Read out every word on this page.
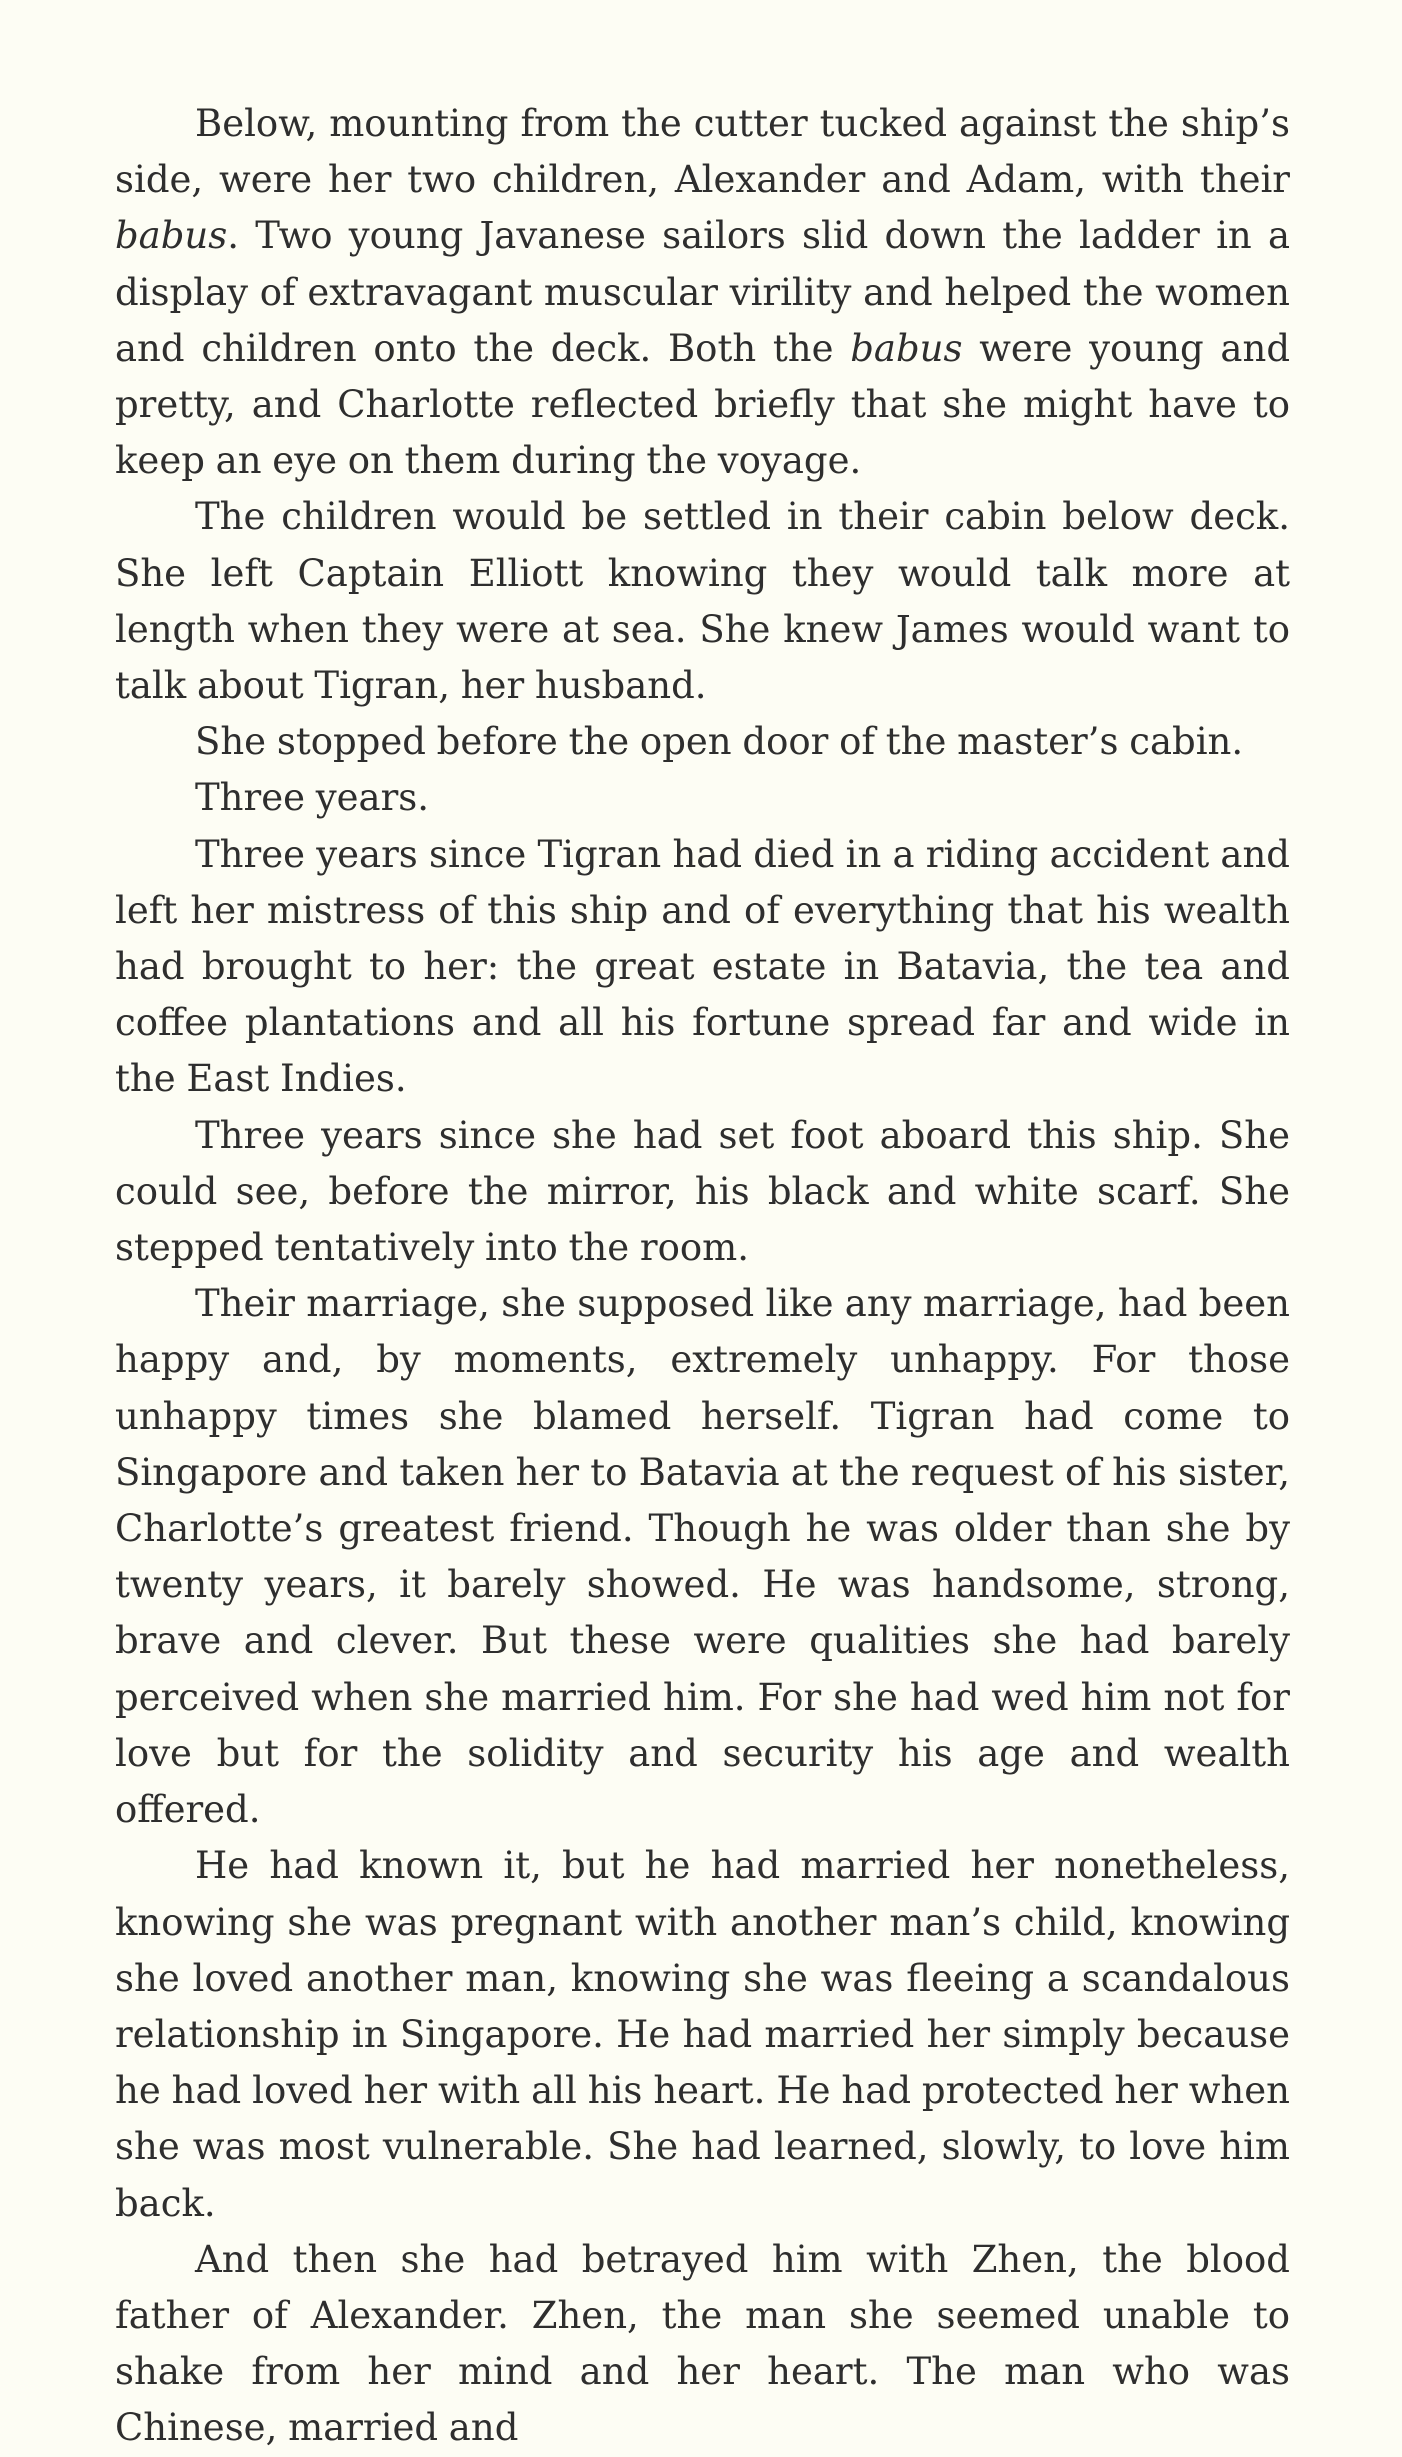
Below, mounting from the cutter tucked against the ship’s side, were her two children, Alexander and Adam, with their babus. Two young Javanese sailors slid down the ladder in a display of extravagant muscular virility and helped the women and children onto the deck. Both the babus were young and pretty, and Charlotte reflected briefly that she might have to keep an eye on them during the voyage.

The children would be settled in their cabin below deck. She left Captain Elliott knowing they would talk more at length when they were at sea. She knew James would want to talk about Tigran, her husband.

She stopped before the open door of the master’s cabin.

Three years.

Three years since Tigran had died in a riding accident and left her mistress of this ship and of everything that his wealth had brought to her: the great estate in Batavia, the tea and coffee plantations and all his fortune spread far and wide in the East Indies.

Three years since she had set foot aboard this ship. She could see, before the mirror, his black and white scarf. She stepped tentatively into the room.

Their marriage, she supposed like any marriage, had been happy and, by moments, extremely unhappy. For those unhappy times she blamed herself. Tigran had come to Singapore and taken her to Batavia at the request of his sister, Charlotte’s greatest friend. Though he was older than she by twenty years, it barely showed. He was handsome, strong, brave and clever. But these were qualities she had barely perceived when she married him. For she had wed him not for love but for the solidity and security his age and wealth offered.

He had known it, but he had married her nonetheless, knowing she was pregnant with another man’s child, knowing she loved another man, knowing she was fleeing a scandalous relationship in Singapore. He had married her simply because he had loved her with all his heart. He had protected her when she was most vulnerable. She had learned, slowly, to love him back.

And then she had betrayed him with Zhen, the blood father of Alexander. Zhen, the man she seemed unable to shake from her mind and her heart. The man who was Chinese, married and
